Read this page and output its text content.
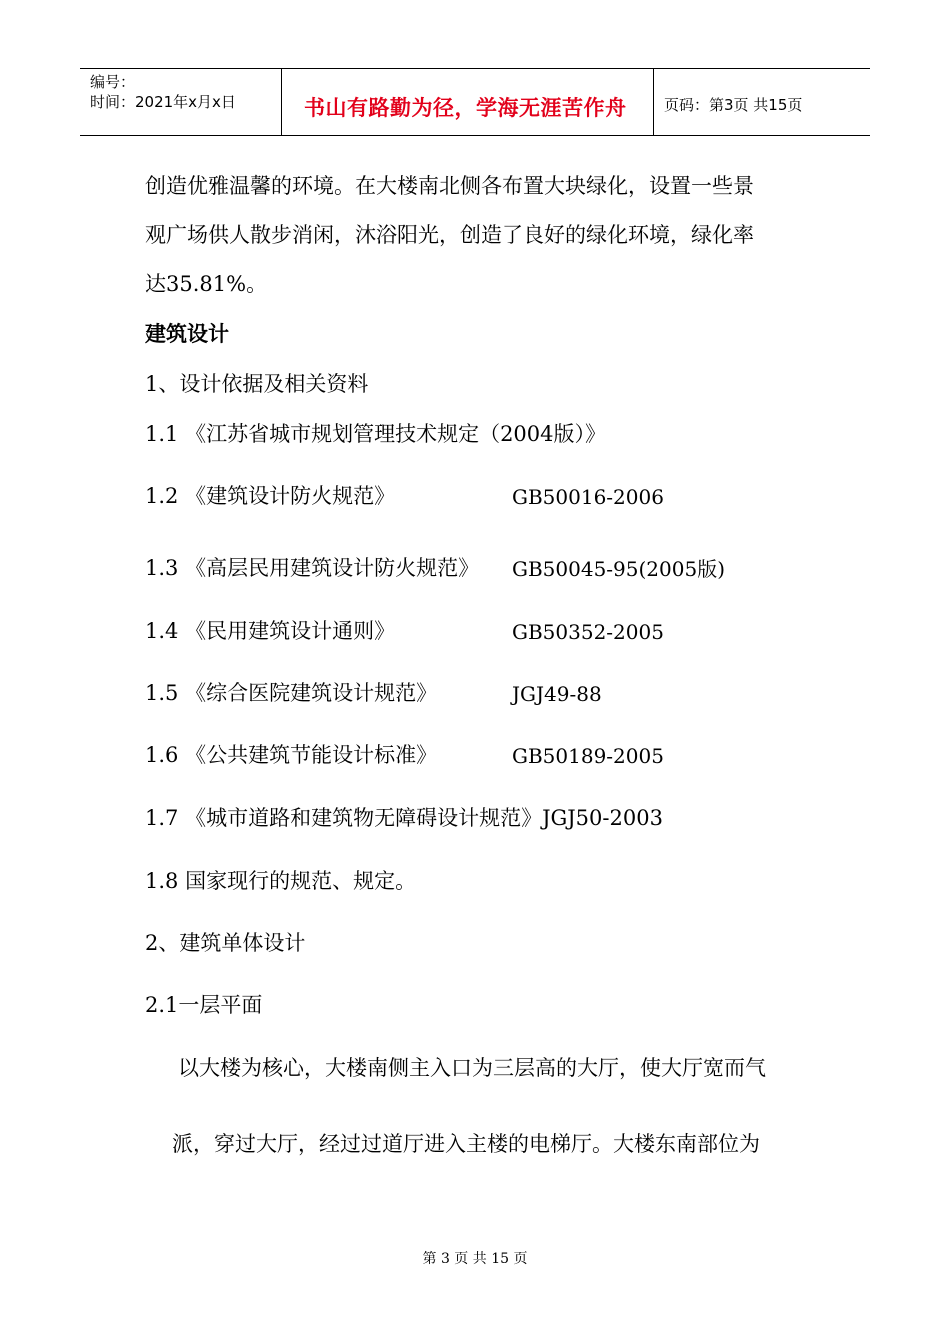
编号：
时间：2021年x月x日	书山有路勤为径，学海无涯苦作舟	页码：第3页 共15页
创造优雅温馨的环境。在大楼南北侧各布置大块绿化，设置一些景
观广场供人散步消闲，沐浴阳光，创造了良好的绿化环境，绿化率
达35.81%。
建筑设计
1、设计依据及相关资料
1.1 《江苏省城市规划管理技术规定（2004版）》
1.2 《建筑设计防火规范》	GB50016-2006
1.3 《高层民用建筑设计防火规范》 GB50045-95(2005版)
1.4 《民用建筑设计通则》	GB50352-2005
1.5 《综合医院建筑设计规范》	JGJ49-88
1.6 《公共建筑节能设计标准》	GB50189-2005
1.7 《城市道路和建筑物无障碍设计规范》JGJ50-2003
1.8 国家现行的规范、规定。
2、建筑单体设计
2.1一层平面
以大楼为核心，大楼南侧主入口为三层高的大厅，使大厅宽而气
派，穿过大厅，经过过道厅进入主楼的电梯厅。大楼东南部位为
第 3 页 共 15 页
